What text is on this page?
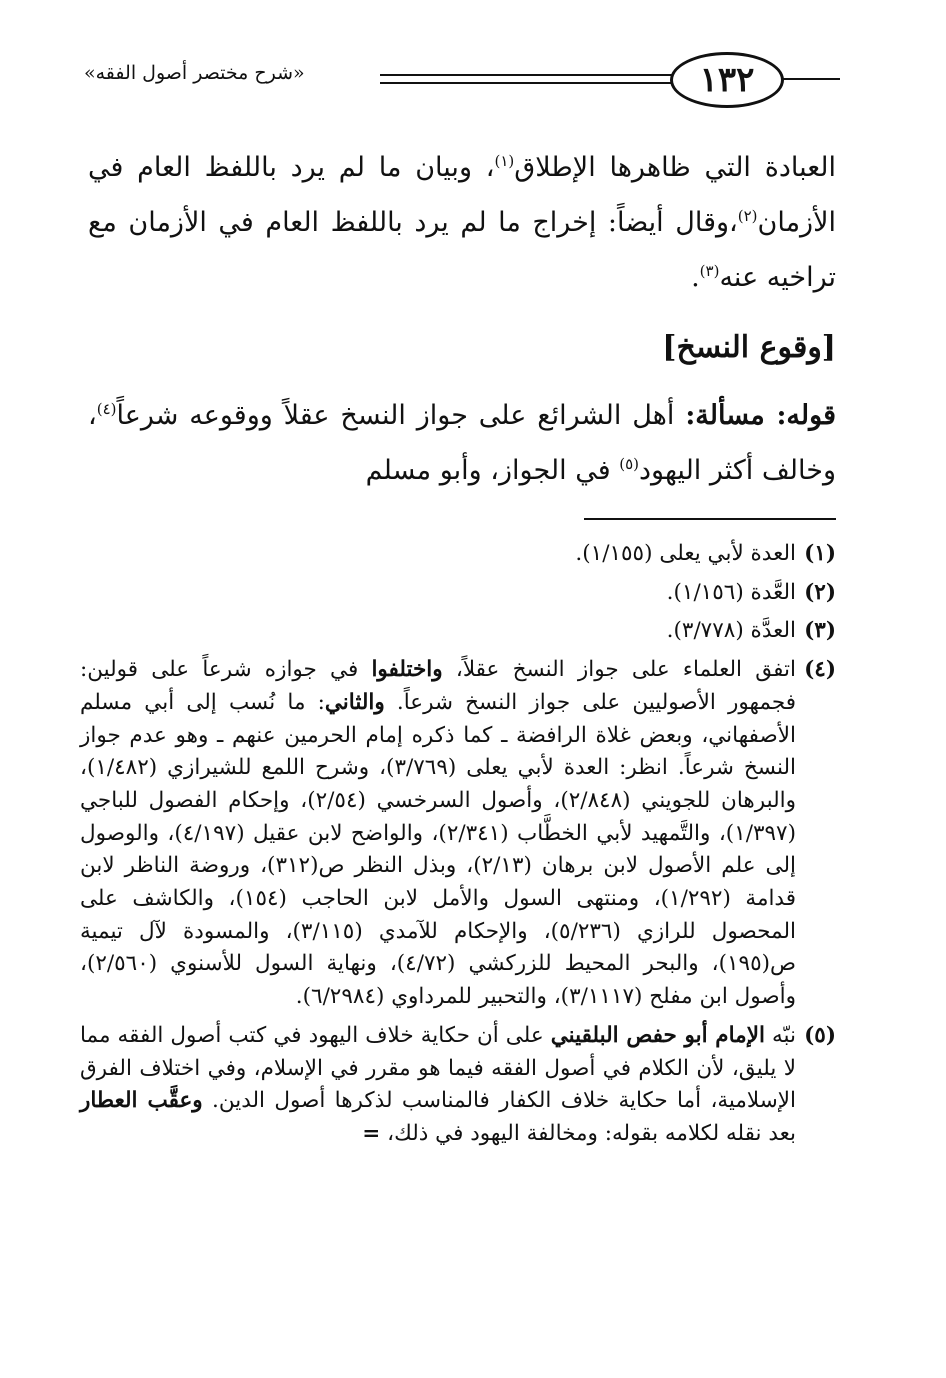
١٣٢
«شرح مختصر أصول الفقه»
العبادة التي ظاهرها الإطلاق$^{(١)}$، وبيان ما لم يرد باللفظ العام في الأزمان$^{(٢)}$،وقال أيضاً: إخراج ما لم يرد باللفظ العام في الأزمان مع تراخيه عنه$^{(٣)}$.
[وقوع النسخ]
قوله: مسألة: أهل الشرائع على جواز النسخ عقلاً ووقوعه شرعاً$^{(٤)}$، وخالف أكثر اليهود$^{(٥)}$ في الجواز، وأبو مسلم
(١)
العدة لأبي يعلى (١/١٥٥).
(٢)
العَّدة (١/١٥٦).
(٣)
العدَّة (٣/٧٧٨).
(٤)
اتفق العلماء على جواز النسخ عقلاً، واختلفوا في جوازه شرعاً على قولين: فجمهور الأصوليين على جواز النسخ شرعاً. والثاني: ما نُسب إلى أبي مسلم الأصفهاني، وبعض غلاة الرافضة ـ كما ذكره إمام الحرمين عنهم ـ وهو عدم جواز النسخ شرعاً. انظر: العدة لأبي يعلى (٣/٧٦٩)، وشرح اللمع للشيرازي (١/٤٨٢)، والبرهان للجويني (٢/٨٤٨)، وأصول السرخسي (٢/٥٤)، وإحكام الفصول للباجي (١/٣٩٧)، والتَّمهيد لأبي الخطَّاب (٢/٣٤١)، والواضح لابن عقيل (٤/١٩٧)، والوصول إلى علم الأصول لابن برهان (٢/١٣)، وبذل النظر ص(٣١٢)، وروضة الناظر لابن قدامة (١/٢٩٢)، ومنتهى السول والأمل لابن الحاجب (١٥٤)، والكاشف على المحصول للرازي (٥/٢٣٦)، والإحكام للآمدي (٣/١١٥)، والمسودة لآل تيمية ص(١٩٥)، والبحر المحيط للزركشي (٤/٧٢)، ونهاية السول للأسنوي (٢/٥٦٠)، وأصول ابن مفلح (٣/١١١٧)، والتحبير للمرداوي (٦/٢٩٨٤).
(٥)
نبّه الإمام أبو حفص البلقيني على أن حكاية خلاف اليهود في كتب أصول الفقه مما لا يليق، لأن الكلام في أصول الفقه فيما هو مقرر في الإسلام، وفي اختلاف الفرق الإسلامية، أما حكاية خلاف الكفار فالمناسب لذكرها أصول الدين. وعقَّب العطار بعد نقله لكلامه بقوله: ومخالفة اليهود في ذلك، =
